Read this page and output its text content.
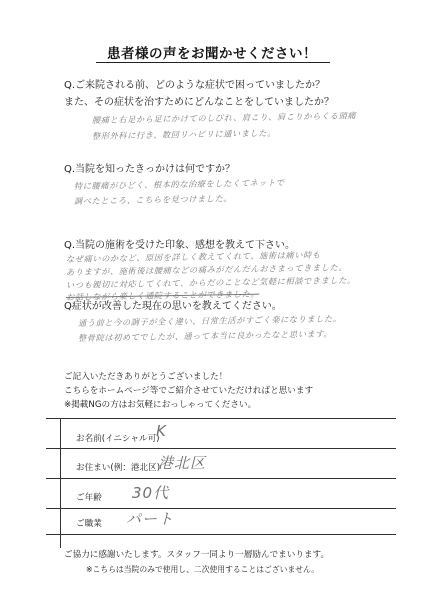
患者様の声をお聞かせください！
Q.ご来院される前、どのような症状で困っていましたか？
また、その症状を治すためにどんなことをしていましたか？
腰痛と右足から足にかけてのしびれ、肩こり、肩こりからくる頭痛
整形外科に行き、数回リハビリに通いました。
Q.当院を知ったきっかけは何ですか？
特に腰痛がひどく、根本的な治療をしたくてネットで
調べたところ、こちらを見つけました。
Q.当院の施術を受けた印象、感想を教えて下さい。
なぜ痛いのかなど、原因を詳しく教えてくれて、施術は痛い時も
ありますが、施術後は腰痛などの痛みがだんだんおさまってきました。
いつも親切に対応してくれて、からだのことなど気軽に相談できました。
お話しながら楽しく通院することができました。
Q症状が改善した現在の思いを教えてください。
通う前と今の調子が全く違い、日常生活がすごく楽になりました。
整骨院は初めてでしたが、通って本当に良かったなと思います。
ご記入いただきありがとうございました！
こちらをホームページ等でご紹介させていただければと思います
※掲載NGの方はお気軽におっしゃってください。
お名前(イニシャル可)
K
お住まい(例：港北区)
港北区
ご年齢 30代
ご職業 パート
ご協力に感謝いたします。スタッフ一同より一層励んでまいります。
※こちらは当院のみで使用し、二次使用することはございません。
